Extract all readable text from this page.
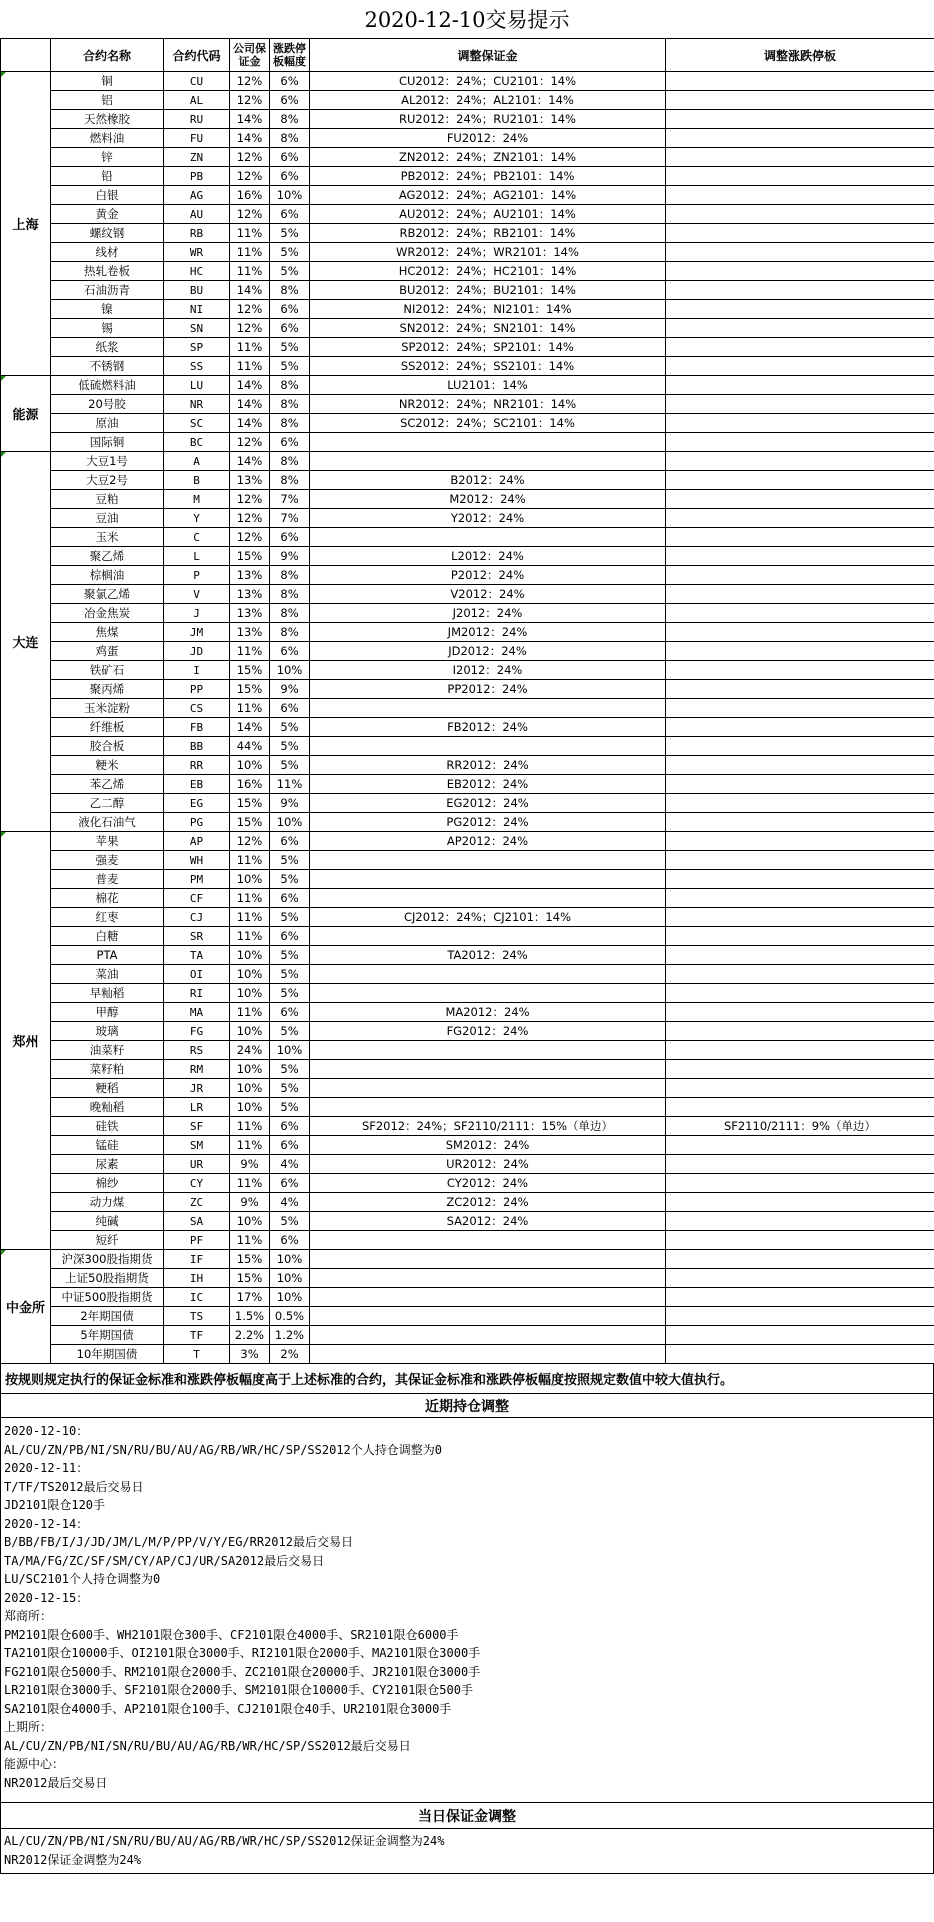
2020-12-10交易提示
	合约名称	合约代码	公司保
证金	涨跌停
板幅度	调整保证金	调整涨跌停板
上海	铜	CU	12%	6%	CU2012：24%；CU2101：14%	
	铝	AL	12%	6%	AL2012：24%；AL2101：14%	
	天然橡胶	RU	14%	8%	RU2012：24%；RU2101：14%	
	燃料油	FU	14%	8%	FU2012：24%	
	锌	ZN	12%	6%	ZN2012：24%；ZN2101：14%	
	铅	PB	12%	6%	PB2012：24%；PB2101：14%	
	白银	AG	16%	10%	AG2012：24%；AG2101：14%	
	黄金	AU	12%	6%	AU2012：24%；AU2101：14%	
	螺纹钢	RB	11%	5%	RB2012：24%；RB2101：14%	
	线材	WR	11%	5%	WR2012：24%；WR2101：14%	
	热轧卷板	HC	11%	5%	HC2012：24%；HC2101：14%	
	石油沥青	BU	14%	8%	BU2012：24%；BU2101：14%	
	镍	NI	12%	6%	NI2012：24%；NI2101：14%	
	锡	SN	12%	6%	SN2012：24%；SN2101：14%	
	纸浆	SP	11%	5%	SP2012：24%；SP2101：14%	
	不锈钢	SS	11%	5%	SS2012：24%；SS2101：14%	
能源	低硫燃料油	LU	14%	8%	LU2101：14%	
	20号胶	NR	14%	8%	NR2012：24%；NR2101：14%	
	原油	SC	14%	8%	SC2012：24%；SC2101：14%	
	国际铜	BC	12%	6%		
大连	大豆1号	A	14%	8%		
	大豆2号	B	13%	8%	B2012：24%	
	豆粕	M	12%	7%	M2012：24%	
	豆油	Y	12%	7%	Y2012：24%	
	玉米	C	12%	6%		
	聚乙烯	L	15%	9%	L2012：24%	
	棕榈油	P	13%	8%	P2012：24%	
	聚氯乙烯	V	13%	8%	V2012：24%	
	冶金焦炭	J	13%	8%	J2012：24%	
	焦煤	JM	13%	8%	JM2012：24%	
	鸡蛋	JD	11%	6%	JD2012：24%	
	铁矿石	I	15%	10%	I2012：24%	
	聚丙烯	PP	15%	9%	PP2012：24%	
	玉米淀粉	CS	11%	6%		
	纤维板	FB	14%	5%	FB2012：24%	
	胶合板	BB	44%	5%		
	粳米	RR	10%	5%	RR2012：24%	
	苯乙烯	EB	16%	11%	EB2012：24%	
	乙二醇	EG	15%	9%	EG2012：24%	
	液化石油气	PG	15%	10%	PG2012：24%	
郑州	苹果	AP	12%	6%	AP2012：24%	
	强麦	WH	11%	5%		
	普麦	PM	10%	5%		
	棉花	CF	11%	6%		
	红枣	CJ	11%	5%	CJ2012：24%；CJ2101：14%	
	白糖	SR	11%	6%		
	PTA	TA	10%	5%	TA2012：24%	
	菜油	OI	10%	5%		
	早籼稻	RI	10%	5%		
	甲醇	MA	11%	6%	MA2012：24%	
	玻璃	FG	10%	5%	FG2012：24%	
	油菜籽	RS	24%	10%		
	菜籽粕	RM	10%	5%		
	粳稻	JR	10%	5%		
	晚籼稻	LR	10%	5%		
	硅铁	SF	11%	6%	SF2012：24%；SF2110/2111：15%（单边）	SF2110/2111：9%（单边）
	锰硅	SM	11%	6%	SM2012：24%	
	尿素	UR	9%	4%	UR2012：24%	
	棉纱	CY	11%	6%	CY2012：24%	
	动力煤	ZC	9%	4%	ZC2012：24%	
	纯碱	SA	10%	5%	SA2012：24%	
	短纤	PF	11%	6%		
中金所	沪深300股指期货	IF	15%	10%		
	上证50股指期货	IH	15%	10%		
	中证500股指期货	IC	17%	10%		
	2年期国债	TS	1.5%	0.5%		
	5年期国债	TF	2.2%	1.2%		
	10年期国债	T	3%	2%		
按规则规定执行的保证金标准和涨跌停板幅度高于上述标准的合约，其保证金标准和涨跌停板幅度按照规定数值中较大值执行。
近期持仓调整
2020-12-10：
AL/CU/ZN/PB/NI/SN/RU/BU/AU/AG/RB/WR/HC/SP/SS2012个人持仓调整为0
2020-12-11：
T/TF/TS2012最后交易日
JD2101限仓120手
2020-12-14：
B/BB/FB/I/J/JD/JM/L/M/P/PP/V/Y/EG/RR2012最后交易日
TA/MA/FG/ZC/SF/SM/CY/AP/CJ/UR/SA2012最后交易日
LU/SC2101个人持仓调整为0
2020-12-15：
郑商所：
PM2101限仓600手、WH2101限仓300手、CF2101限仓4000手、SR2101限仓6000手
TA2101限仓10000手、OI2101限仓3000手、RI2101限仓2000手、MA2101限仓3000手
FG2101限仓5000手、RM2101限仓2000手、ZC2101限仓20000手、JR2101限仓3000手
LR2101限仓3000手、SF2101限仓2000手、SM2101限仓10000手、CY2101限仓500手
SA2101限仓4000手、AP2101限仓100手、CJ2101限仓40手、UR2101限仓3000手
上期所：
AL/CU/ZN/PB/NI/SN/RU/BU/AU/AG/RB/WR/HC/SP/SS2012最后交易日
能源中心：
NR2012最后交易日
当日保证金调整
AL/CU/ZN/PB/NI/SN/RU/BU/AU/AG/RB/WR/HC/SP/SS2012保证金调整为24%
NR2012保证金调整为24%
